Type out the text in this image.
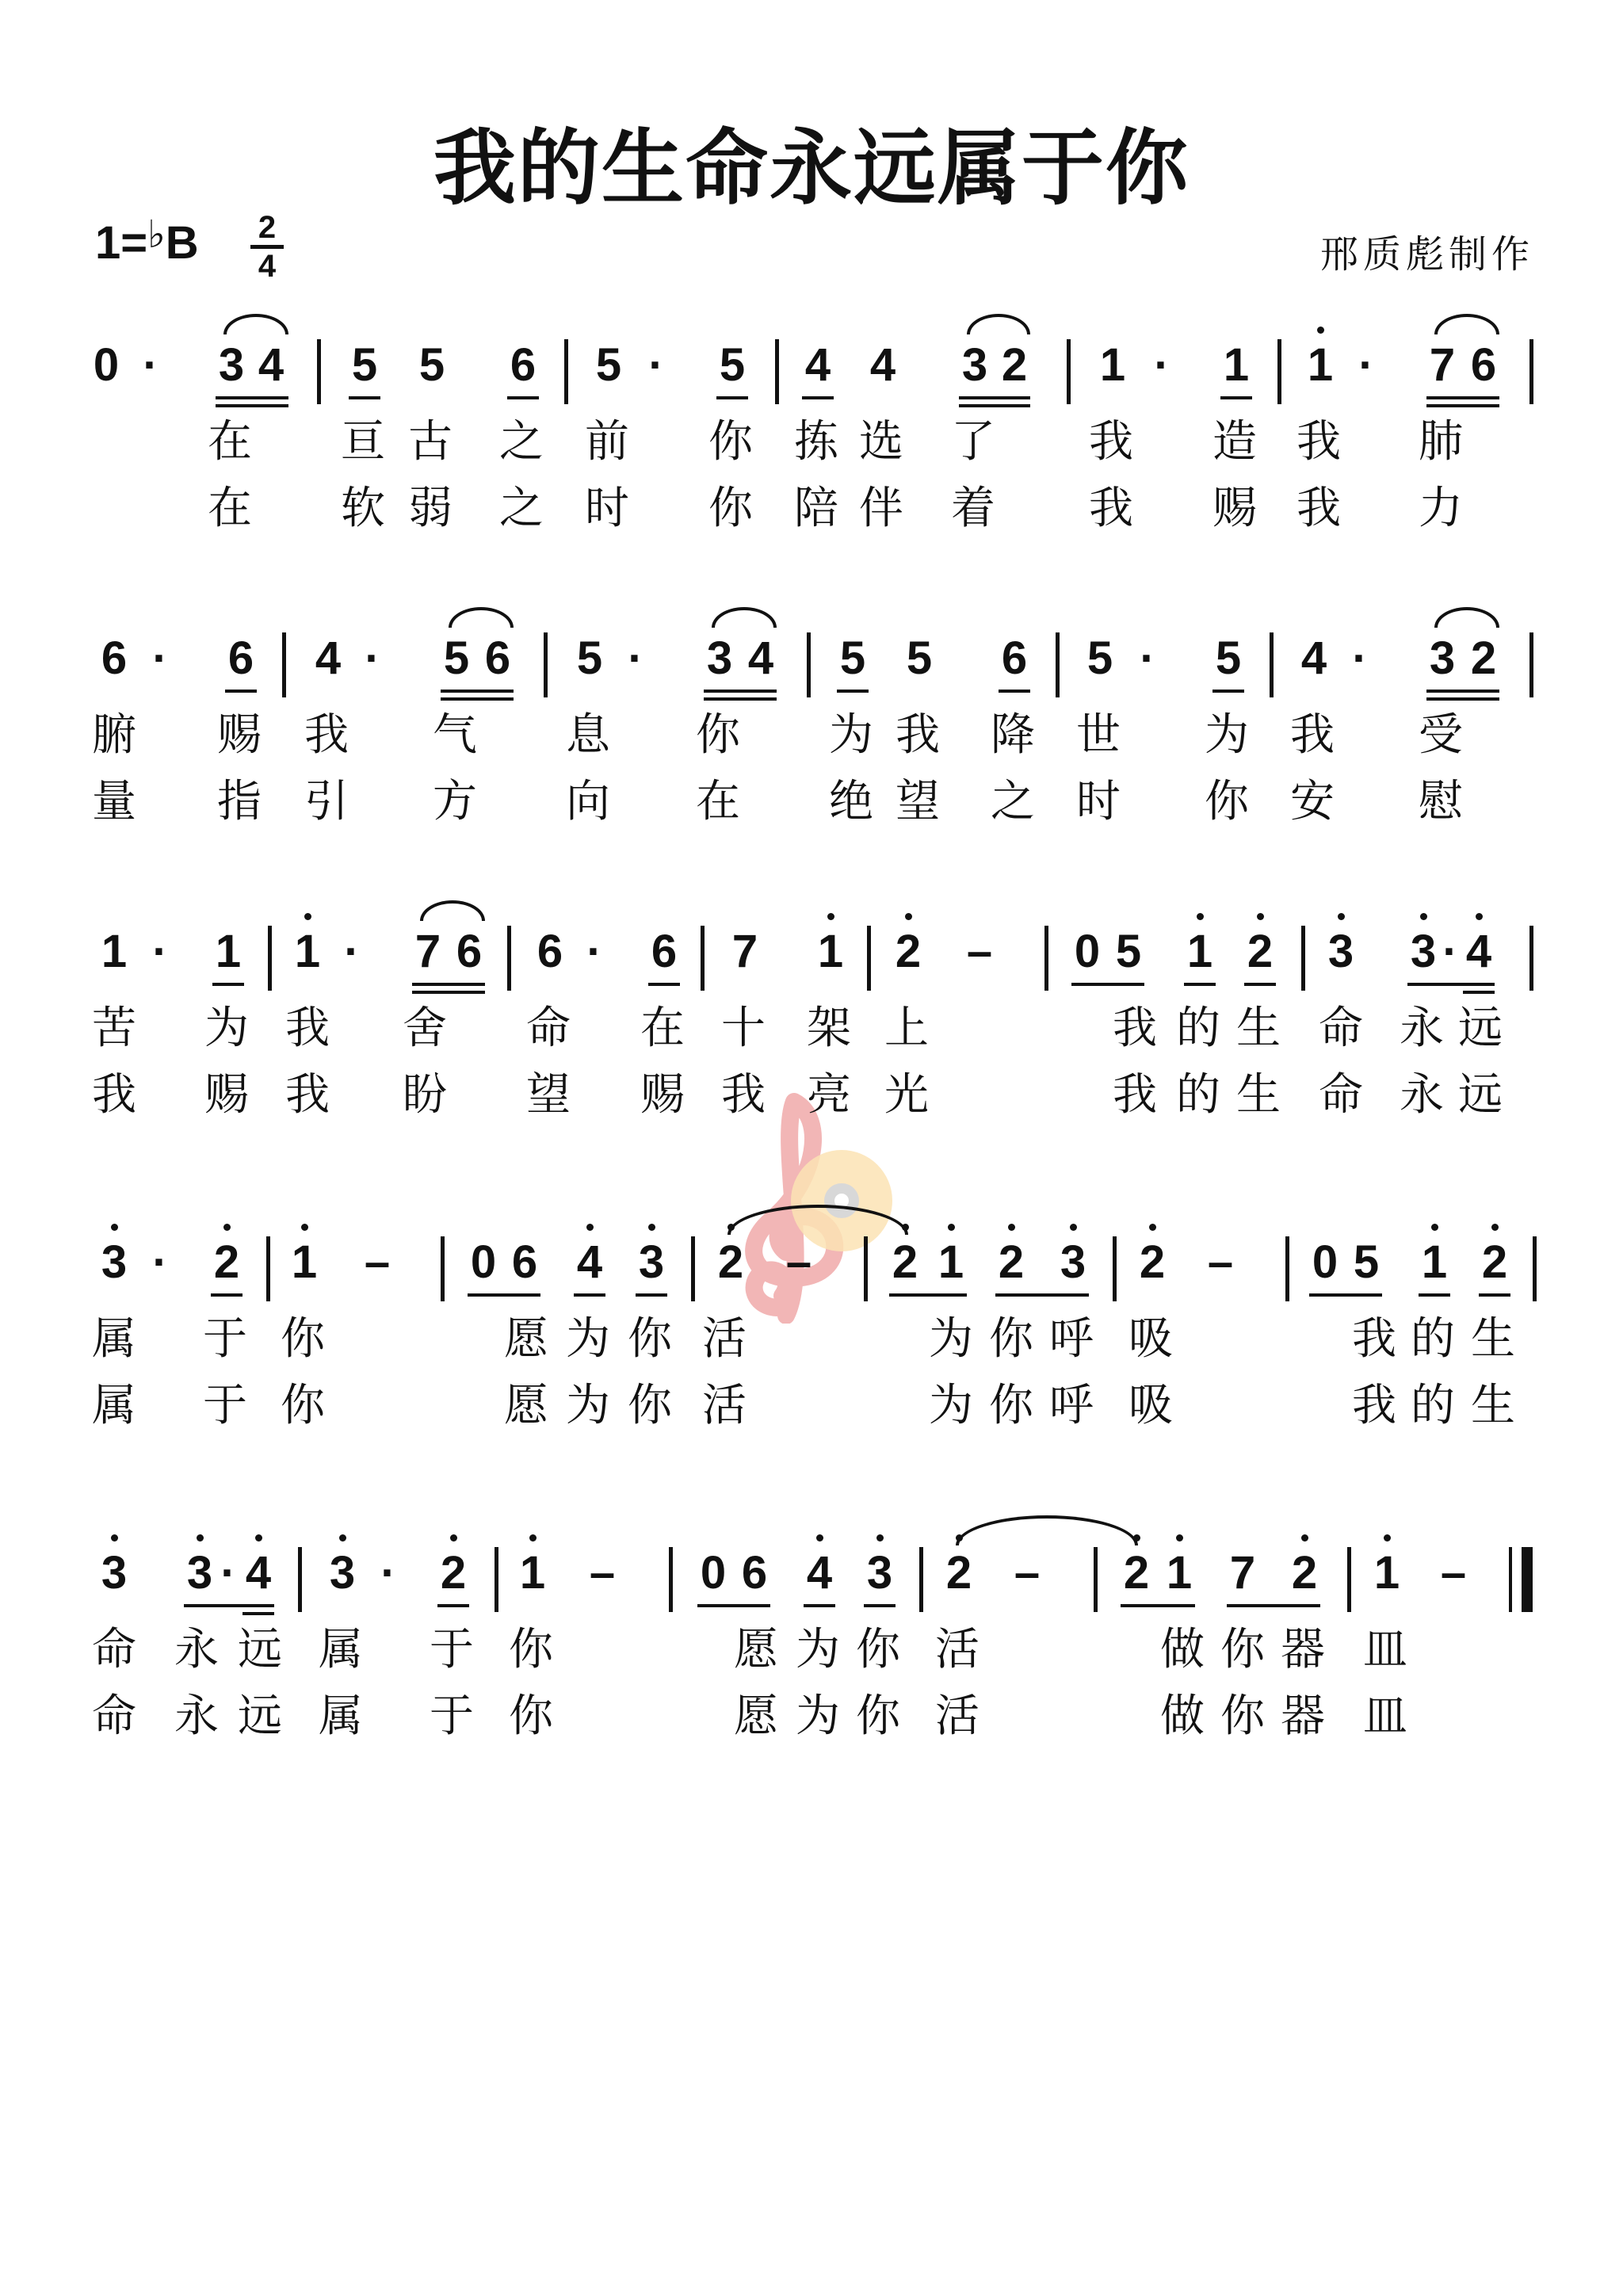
我的生命永远属于你
1=♭B 2
4	邢质彪制作
0 · 3 4 5 5 6 5 · 5 4 4 3 2 1 · 1 1 · 7 6
在 亘 古 之 前 你 拣 选 了 我 造 我 肺
在 软 弱 之 时 你 陪 伴 着 我 赐 我 力
6 · 6 4 · 5 6 5 · 3 4 5 5 6 5 · 5 4 · 3 2
腑 赐 我 气 息 你 为 我 降 世 为 我 受
量 指 引 方 向 在 绝 望 之 时 你 安 慰
1 · 1 1 · 7 6 6 · 6 7 1 2 – 0 5 1 2 3 3 · 4
苦 为 我 舍 命 在 十 架 上	我 的 生 命 永 远
我 赐 我 盼 望 赐 我 亮 光	我 的 生 命 永 远
3 · 2 1 – 0 6 4 3 2 – 2 1 2 3 2 – 0 5 1 2
属 于 你	愿 为 你 活	为 你 呼 吸	我 的 生
属 于 你	愿 为 你 活	为 你 呼 吸	我 的 生
3 3 · 4 3 · 2 1 – 0 6 4 3 2 – 2 1 7 2 1 –
命 永 远 属 于 你	愿 为 你 活	做 你 器 皿
命 永 远 属 于 你	愿 为 你 活	做 你 器 皿
